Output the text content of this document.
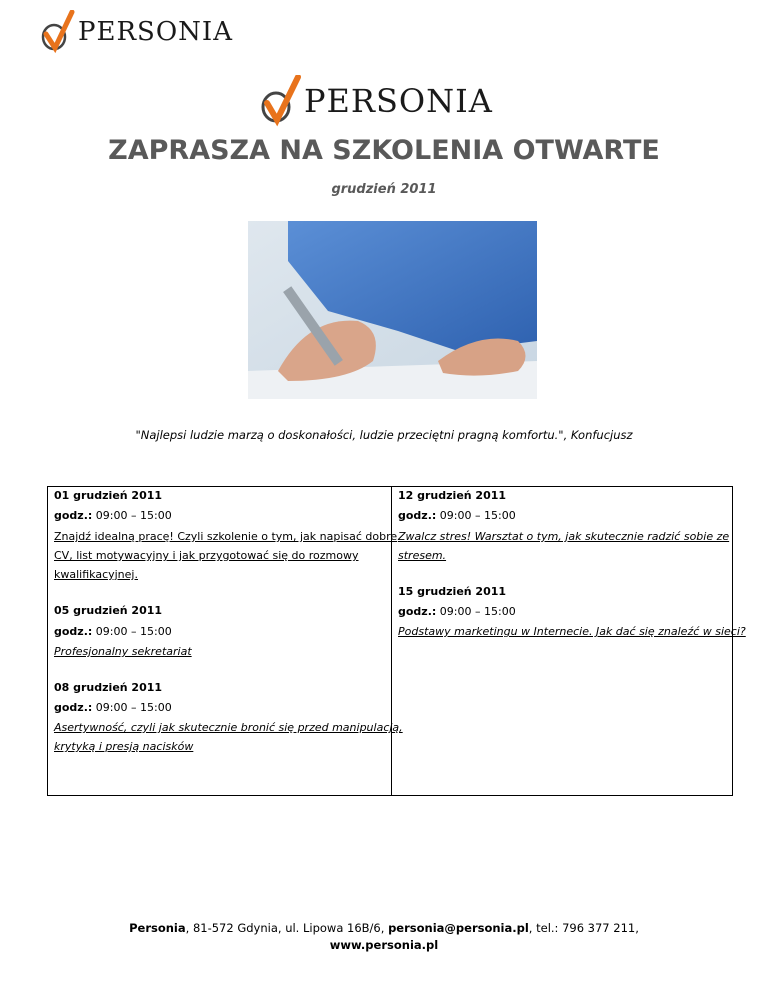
PERSONIA
PERSONIA
ZAPRASZA NA SZKOLENIA OTWARTE
grudzień 2011
"Najlepsi ludzie marzą o doskonałości, ludzie przeciętni pragną komfortu.", Konfucjusz
01 grudzień 2011
godz.: 09:00 – 15:00
Znajdź idealną pracę! Czyli szkolenie o tym, jak napisać dobre
CV, list motywacyjny i jak przygotować się do rozmowy
kwalifikacyjnej.
05 grudzień 2011
godz.: 09:00 – 15:00
Profesjonalny sekretariat
08 grudzień 2011
godz.: 09:00 – 15:00
Asertywność, czyli jak skutecznie bronić się przed manipulacją,
krytyką i presją nacisków
12 grudzień 2011
godz.: 09:00 – 15:00
Zwalcz stres! Warsztat o tym, jak skutecznie radzić sobie ze
stresem.
15 grudzień 2011
godz.: 09:00 – 15:00
Podstawy marketingu w Internecie. Jak dać się znaleźć w sieci?
Personia, 81-572 Gdynia, ul. Lipowa 16B/6, personia@personia.pl, tel.: 796 377 211,
www.personia.pl
